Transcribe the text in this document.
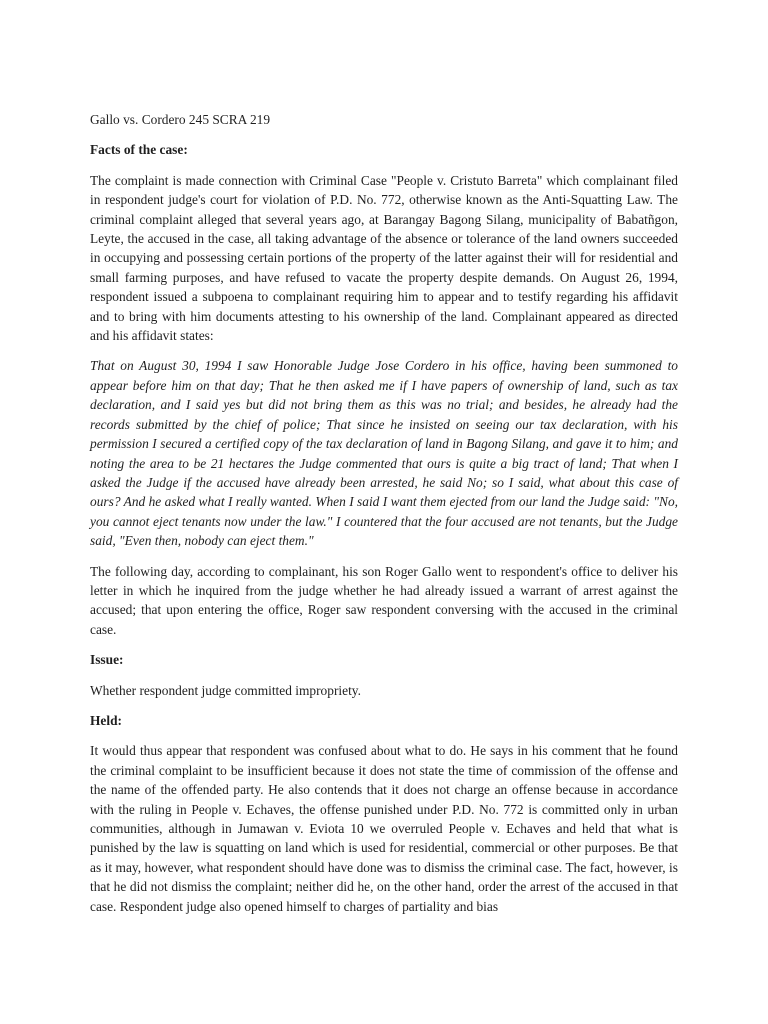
Gallo vs. Cordero 245 SCRA 219

Facts of the case:

The complaint is made connection with Criminal Case "People v. Cristuto Barreta" which complainant filed in respondent judge's court for violation of P.D. No. 772, otherwise known as the Anti-Squatting Law. The criminal complaint alleged that several years ago, at Barangay Bagong Silang, municipality of Babatñgon, Leyte, the accused in the case, all taking advantage of the absence or tolerance of the land owners succeeded in occupying and possessing certain portions of the property of the latter against their will for residential and small farming purposes, and have refused to vacate the property despite demands. On August 26, 1994, respondent issued a subpoena to complainant requiring him to appear and to testify regarding his affidavit and to bring with him documents attesting to his ownership of the land. Complainant appeared as directed and his affidavit states:

That on August 30, 1994 I saw Honorable Judge Jose Cordero in his office, having been summoned to appear before him on that day; That he then asked me if I have papers of ownership of land, such as tax declaration, and I said yes but did not bring them as this was no trial; and besides, he already had the records submitted by the chief of police; That since he insisted on seeing our tax declaration, with his permission I secured a certified copy of the tax declaration of land in Bagong Silang, and gave it to him; and noting the area to be 21 hectares the Judge commented that ours is quite a big tract of land; That when I asked the Judge if the accused have already been arrested, he said No; so I said, what about this case of ours? And he asked what I really wanted. When I said I want them ejected from our land the Judge said: "No, you cannot eject tenants now under the law." I countered that the four accused are not tenants, but the Judge said, "Even then, nobody can eject them."

The following day, according to complainant, his son Roger Gallo went to respondent's office to deliver his letter in which he inquired from the judge whether he had already issued a warrant of arrest against the accused; that upon entering the office, Roger saw respondent conversing with the accused in the criminal case.

Issue:

Whether respondent judge committed impropriety.

Held:

It would thus appear that respondent was confused about what to do. He says in his comment that he found the criminal complaint to be insufficient because it does not state the time of commission of the offense and the name of the offended party. He also contends that it does not charge an offense because in accordance with the ruling in People v. Echaves, the offense punished under P.D. No. 772 is committed only in urban communities, although in Jumawan v. Eviota 10 we overruled People v. Echaves and held that what is punished by the law is squatting on land which is used for residential, commercial or other purposes. Be that as it may, however, what respondent should have done was to dismiss the criminal case. The fact, however, is that he did not dismiss the complaint; neither did he, on the other hand, order the arrest of the accused in that case. Respondent judge also opened himself to charges of partiality and bias
